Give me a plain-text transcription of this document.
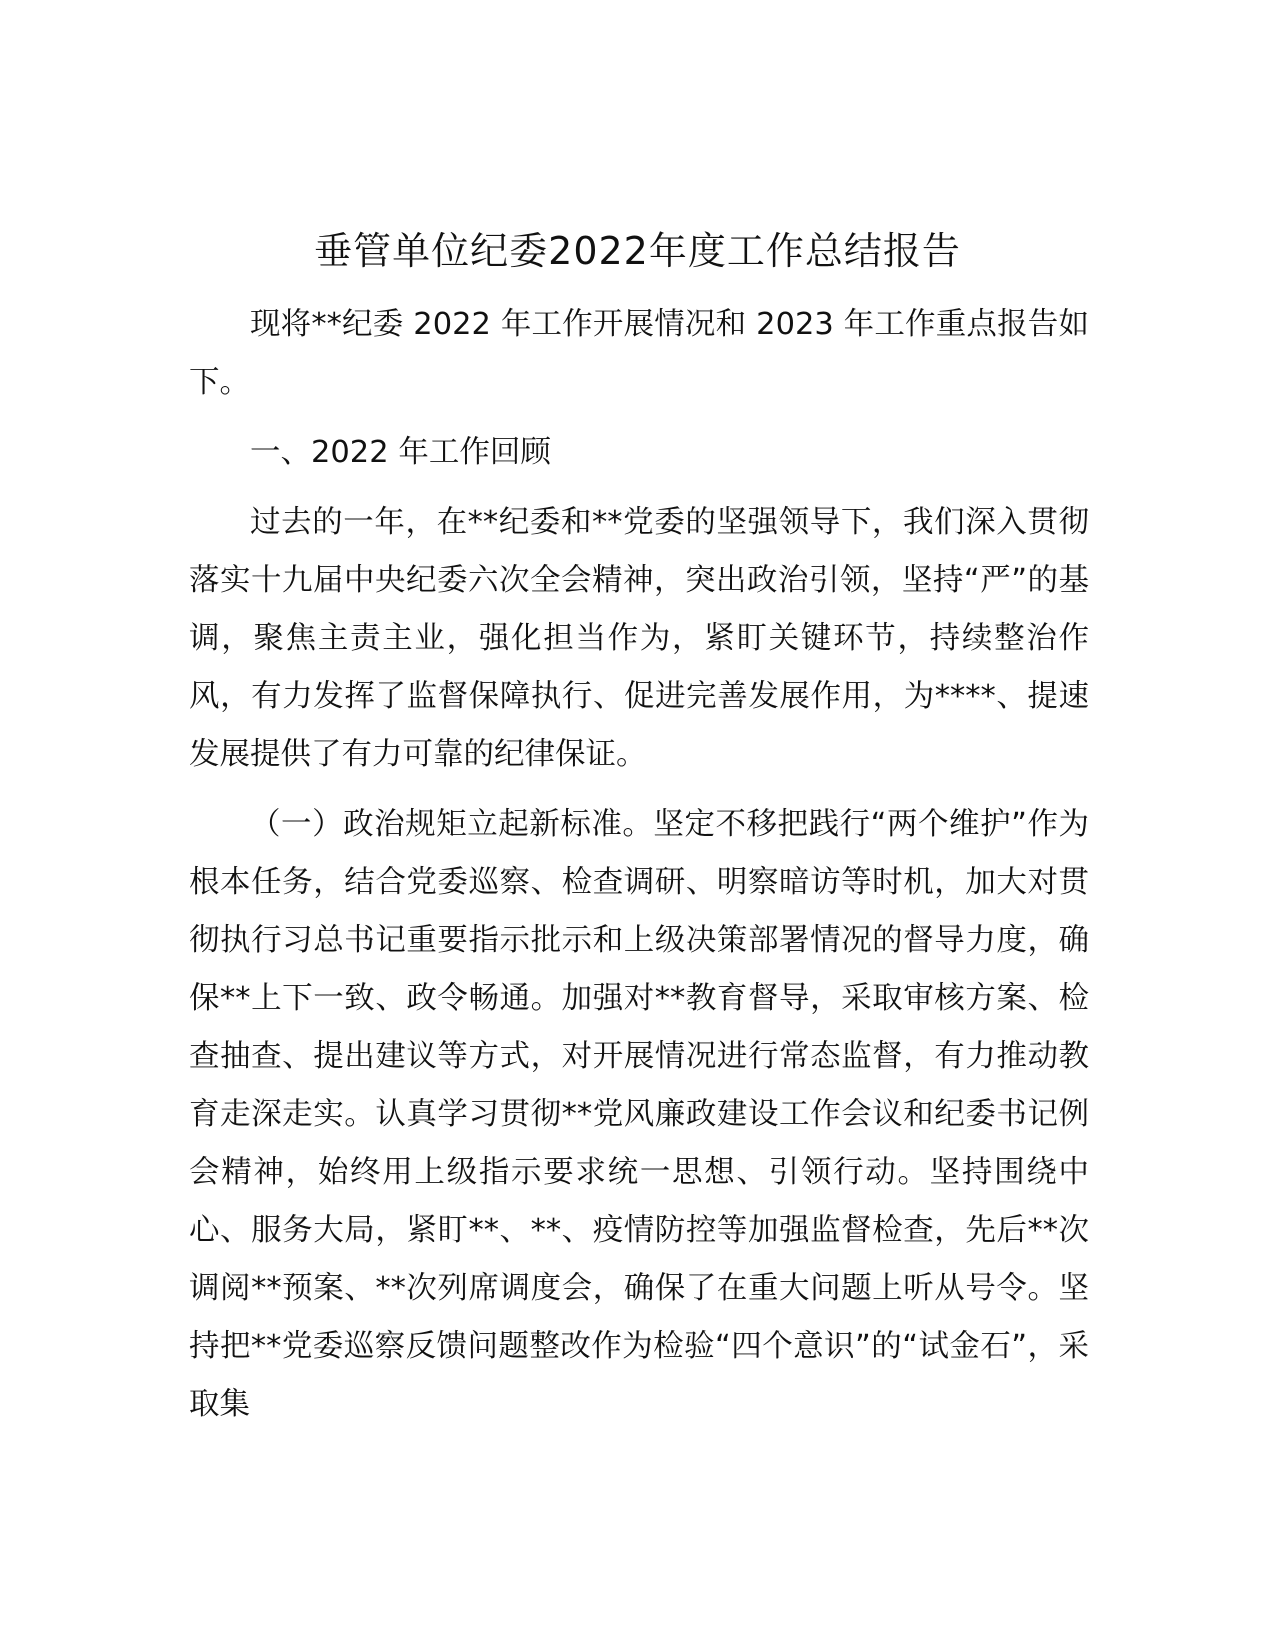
垂管单位纪委2022年度工作总结报告

现将**纪委 2022 年工作开展情况和 2023 年工作重点报告如下。

一、2022 年工作回顾

过去的一年，在**纪委和**党委的坚强领导下，我们深入贯彻落实十九届中央纪委六次全会精神，突出政治引领，坚持“严”的基调，聚焦主责主业，强化担当作为，紧盯关键环节，持续整治作风，有力发挥了监督保障执行、促进完善发展作用，为****、提速发展提供了有力可靠的纪律保证。

（一）政治规矩立起新标准。坚定不移把践行“两个维护”作为根本任务，结合党委巡察、检查调研、明察暗访等时机，加大对贯彻执行习总书记重要指示批示和上级决策部署情况的督导力度，确保**上下一致、政令畅通。加强对**教育督导，采取审核方案、检查抽查、提出建议等方式，对开展情况进行常态监督，有力推动教育走深走实。认真学习贯彻**党风廉政建设工作会议和纪委书记例会精神，始终用上级指示要求统一思想、引领行动。坚持围绕中心、服务大局，紧盯**、**、疫情防控等加强监督检查，先后**次调阅**预案、**次列席调度会，确保了在重大问题上听从号令。坚持把**党委巡察反馈问题整改作为检验“四个意识”的“试金石”，采取集
